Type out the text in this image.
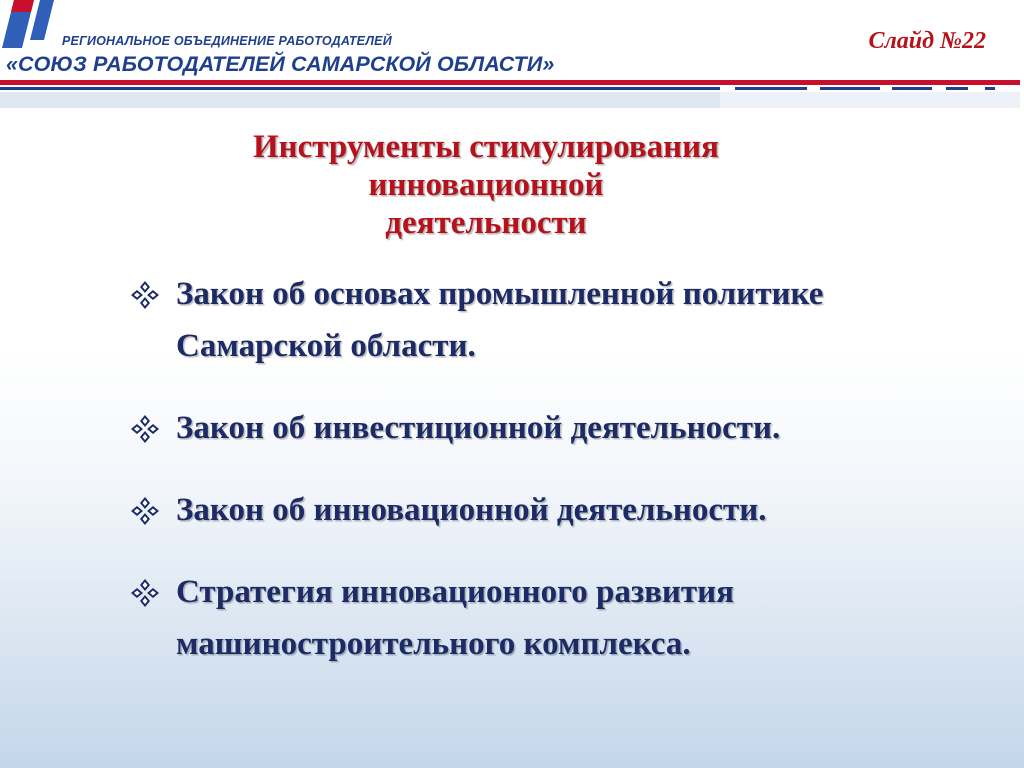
РЕГИОНАЛЬНОЕ ОБЪЕДИНЕНИЕ РАБОТОДАТЕЛЕЙ
«СОЮЗ РАБОТОДАТЕЛЕЙ САМАРСКОЙ ОБЛАСТИ»
Слайд №22
Инструменты стимулирования
инновационной
деятельности
Закон об основах промышленной политике Самарской области.
Закон об инвестиционной деятельности.
Закон об инновационной деятельности.
Стратегия инновационного развития машиностроительного комплекса.
